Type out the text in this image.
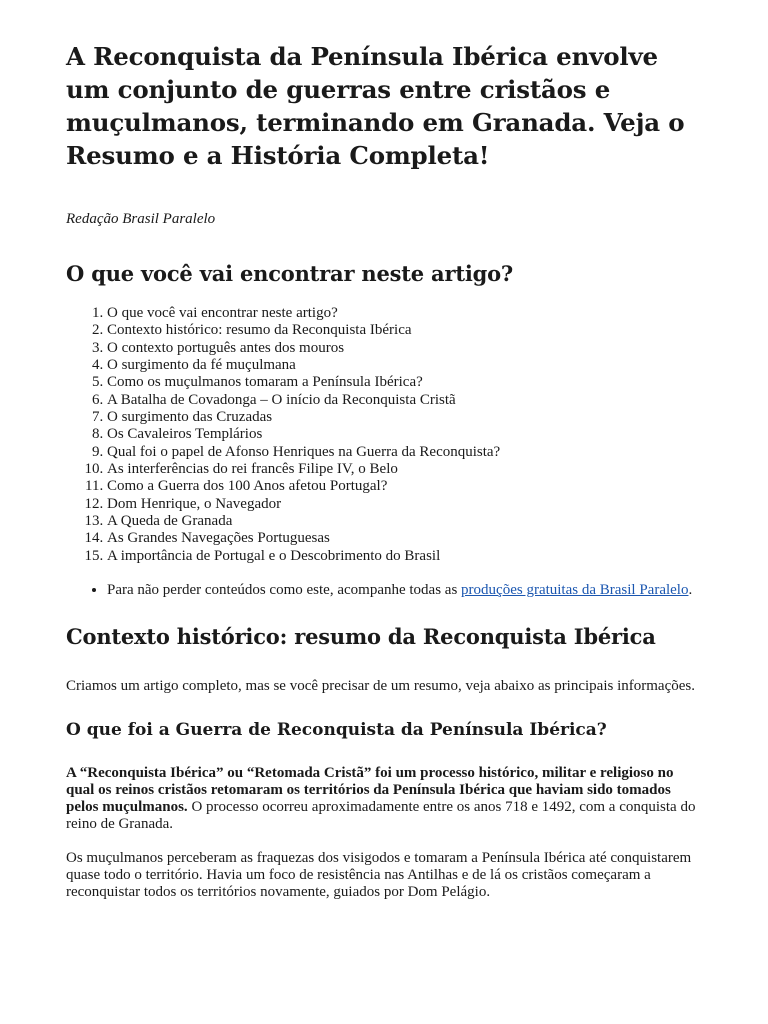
A Reconquista da Península Ibérica envolve um conjunto de guerras entre cristãos e muçulmanos, terminando em Granada. Veja o Resumo e a História Completa!
Redação Brasil Paralelo
O que você vai encontrar neste artigo?
1. O que você vai encontrar neste artigo?
2. Contexto histórico: resumo da Reconquista Ibérica
3. O contexto português antes dos mouros
4. O surgimento da fé muçulmana
5. Como os muçulmanos tomaram a Península Ibérica?
6. A Batalha de Covadonga – O início da Reconquista Cristã
7. O surgimento das Cruzadas
8. Os Cavaleiros Templários
9. Qual foi o papel de Afonso Henriques na Guerra da Reconquista?
10. As interferências do rei francês Filipe IV, o Belo
11. Como a Guerra dos 100 Anos afetou Portugal?
12. Dom Henrique, o Navegador
13. A Queda de Granada
14. As Grandes Navegações Portuguesas
15. A importância de Portugal e o Descobrimento do Brasil
• Para não perder conteúdos como este, acompanhe todas as produções gratuitas da Brasil Paralelo.
Contexto histórico: resumo da Reconquista Ibérica

Criamos um artigo completo, mas se você precisar de um resumo, veja abaixo as principais informações.

O que foi a Guerra de Reconquista da Península Ibérica?

A “Reconquista Ibérica” ou “Retomada Cristã” foi um processo histórico, militar e religioso no qual os reinos cristãos retomaram os territórios da Península Ibérica que haviam sido tomados pelos muçulmanos. O processo ocorreu aproximadamente entre os anos 718 e 1492, com a conquista do reino de Granada.

Os muçulmanos perceberam as fraquezas dos visigodos e tomaram a Península Ibérica até conquistarem quase todo o território. Havia um foco de resistência nas Antilhas e de lá os cristãos começaram a reconquistar todos os territórios novamente, guiados por Dom Pelágio.
